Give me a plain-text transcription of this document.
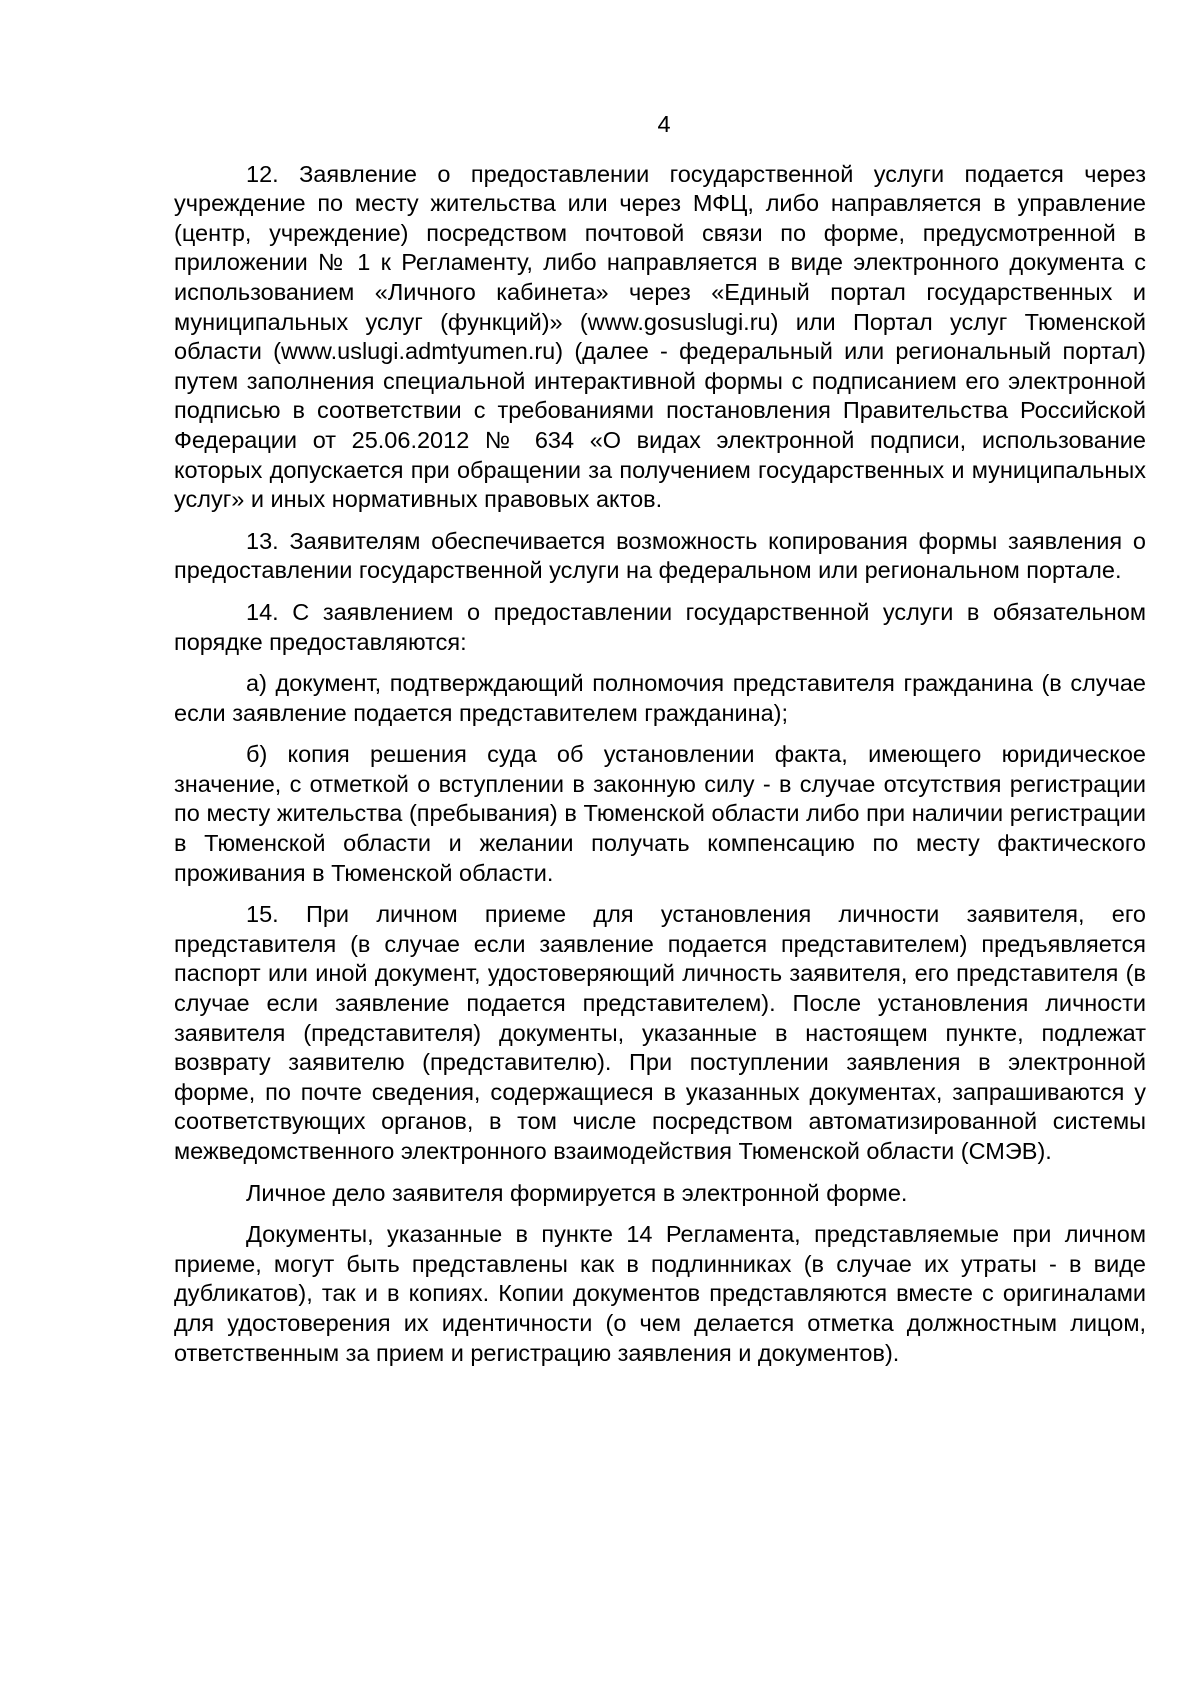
4

12. Заявление о предоставлении государственной услуги подается через учреждение по месту жительства или через МФЦ, либо направляется в управление (центр, учреждение) посредством почтовой связи по форме, предусмотренной в приложении № 1 к Регламенту, либо направляется в виде электронного документа с использованием «Личного кабинета» через «Единый портал государственных и муниципальных услуг (функций)» (www.gosuslugi.ru) или Портал услуг Тюменской области (www.uslugi.admtyumen.ru) (далее - федеральный или региональный портал) путем заполнения специальной интерактивной формы с подписанием его электронной подписью в соответствии с требованиями постановления Правительства Российской Федерации от 25.06.2012 № 634 «О видах электронной подписи, использование которых допускается при обращении за получением государственных и муниципальных услуг» и иных нормативных правовых актов.

13. Заявителям обеспечивается возможность копирования формы заявления о предоставлении государственной услуги на федеральном или региональном портале.

14. С заявлением о предоставлении государственной услуги в обязательном порядке предоставляются:

а) документ, подтверждающий полномочия представителя гражданина (в случае если заявление подается представителем гражданина);

б) копия решения суда об установлении факта, имеющего юридическое значение, с отметкой о вступлении в законную силу - в случае отсутствия регистрации по месту жительства (пребывания) в Тюменской области либо при наличии регистрации в Тюменской области и желании получать компенсацию по месту фактического проживания в Тюменской области.

15. При личном приеме для установления личности заявителя, его представителя (в случае если заявление подается представителем) предъявляется паспорт или иной документ, удостоверяющий личность заявителя, его представителя (в случае если заявление подается представителем). После установления личности заявителя (представителя) документы, указанные в настоящем пункте, подлежат возврату заявителю (представителю). При поступлении заявления в электронной форме, по почте сведения, содержащиеся в указанных документах, запрашиваются у соответствующих органов, в том числе посредством автоматизированной системы межведомственного электронного взаимодействия Тюменской области (СМЭВ).

Личное дело заявителя формируется в электронной форме.

Документы, указанные в пункте 14 Регламента, представляемые при личном приеме, могут быть представлены как в подлинниках (в случае их утраты - в виде дубликатов), так и в копиях. Копии документов представляются вместе с оригиналами для удостоверения их идентичности (о чем делается отметка должностным лицом, ответственным за прием и регистрацию заявления и документов).
